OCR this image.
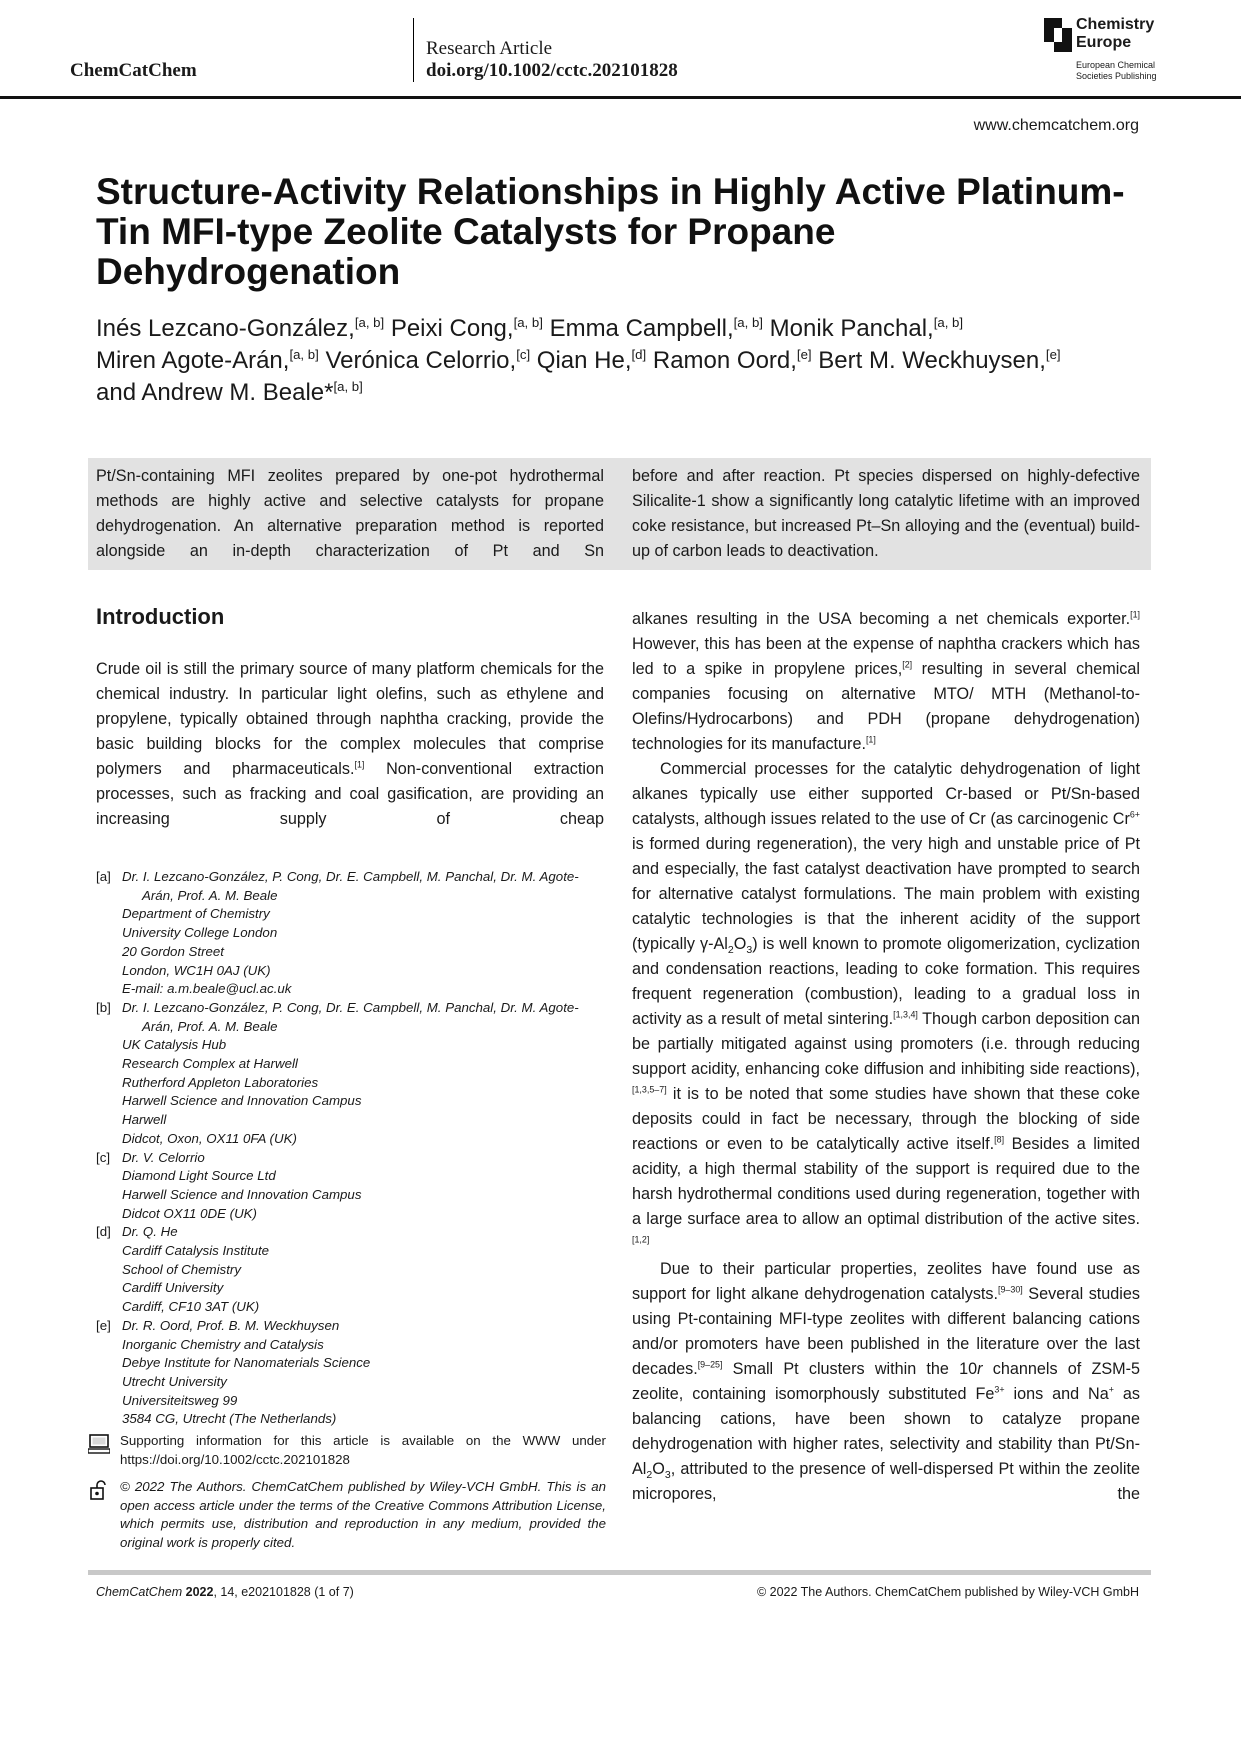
ChemCatChem
Research Article
doi.org/10.1002/cctc.202101828
Chemistry
Europe
European Chemical
Societies Publishing
www.chemcatchem.org
Structure-Activity Relationships in Highly Active Platinum-
Tin MFI-type Zeolite Catalysts for Propane
Dehydrogenation
Inés Lezcano-González,[a, b] Peixi Cong,[a, b] Emma Campbell,[a, b] Monik Panchal,[a, b]
Miren Agote-Arán,[a, b] Verónica Celorrio,[c] Qian He,[d] Ramon Oord,[e] Bert M. Weckhuysen,[e]
and Andrew M. Beale*[a, b]
Pt/Sn-containing MFI zeolites prepared by one-pot hydrothermal methods are highly active and selective catalysts for propane dehydrogenation. An alternative preparation method is reported alongside an in-depth characterization of Pt and Sn
before and after reaction. Pt species dispersed on highly-defective Silicalite-1 show a significantly long catalytic lifetime with an improved coke resistance, but increased Pt–Sn alloying and the (eventual) build-up of carbon leads to deactivation.
Introduction
Crude oil is still the primary source of many platform chemicals for the chemical industry. In particular light olefins, such as ethylene and propylene, typically obtained through naphtha cracking, provide the basic building blocks for the complex molecules that comprise polymers and pharmaceuticals.[1] Non-conventional extraction processes, such as fracking and coal gasification, are providing an increasing supply of cheap
alkanes resulting in the USA becoming a net chemicals exporter.[1] However, this has been at the expense of naphtha crackers which has led to a spike in propylene prices,[2] resulting in several chemical companies focusing on alternative MTO/ MTH (Methanol-to-Olefins/Hydrocarbons) and PDH (propane dehydrogenation) technologies for its manufacture.[1]
Commercial processes for the catalytic dehydrogenation of light alkanes typically use either supported Cr-based or Pt/Sn-based catalysts, although issues related to the use of Cr (as carcinogenic $Cr^{6+}$ is formed during regeneration), the very high and unstable price of Pt and especially, the fast catalyst deactivation have prompted to search for alternative catalyst formulations. The main problem with existing catalytic technologies is that the inherent acidity of the support (typically $\gamma-Al_2O_3$) is well known to promote oligomerization, cyclization and condensation reactions, leading to coke formation. This requires frequent regeneration (combustion), leading to a gradual loss in activity as a result of metal sintering.[1,3,4] Though carbon deposition can be partially mitigated against using promoters (i.e. through reducing support acidity, enhancing coke diffusion and inhibiting side reactions),[1,3,5–7] it is to be noted that some studies have shown that these coke deposits could in fact be necessary, through the blocking of side reactions or even to be catalytically active itself.[8] Besides a limited acidity, a high thermal stability of the support is required due to the harsh hydrothermal conditions used during regeneration, together with a large surface area to allow an optimal distribution of the active sites.[1,2]
Due to their particular properties, zeolites have found use as support for light alkane dehydrogenation catalysts.[9–30] Several studies using Pt-containing MFI-type zeolites with different balancing cations and/or promoters have been published in the literature over the last decades.[9–25] Small Pt clusters within the 10r channels of ZSM-5 zeolite, containing isomorphously substituted $Fe^{3+}$ ions and Na+ as balancing cations, have been shown to catalyze propane dehydrogenation with higher rates, selectivity and stability than $Pt/Sn-Al_2O_3$, attributed to the presence of well-dispersed Pt within the zeolite micropores, the
[a] Dr. I. Lezcano-González, P. Cong, Dr. E. Campbell, M. Panchal, Dr. M. Agote-
Arán, Prof. A. M. Beale
Department of Chemistry
University College London
20 Gordon Street
London, WC1H 0AJ (UK)
E-mail: a.m.beale@ucl.ac.uk
[b] Dr. I. Lezcano-González, P. Cong, Dr. E. Campbell, M. Panchal, Dr. M. Agote-
Arán, Prof. A. M. Beale
UK Catalysis Hub
Research Complex at Harwell
Rutherford Appleton Laboratories
Harwell Science and Innovation Campus
Harwell
Didcot, Oxon, OX11 0FA (UK)
[c] Dr. V. Celorrio
Diamond Light Source Ltd
Harwell Science and Innovation Campus
Didcot OX11 0DE (UK)
[d] Dr. Q. He
Cardiff Catalysis Institute
School of Chemistry
Cardiff University
Cardiff, CF10 3AT (UK)
[e] Dr. R. Oord, Prof. B. M. Weckhuysen
Inorganic Chemistry and Catalysis
Debye Institute for Nanomaterials Science
Utrecht University
Universiteitsweg 99
3584 CG, Utrecht (The Netherlands)
Supporting information for this article is available on the WWW under https://doi.org/10.1002/cctc.202101828
© 2022 The Authors. ChemCatChem published by Wiley-VCH GmbH. This is an open access article under the terms of the Creative Commons Attribution License, which permits use, distribution and reproduction in any medium, provided the original work is properly cited.
ChemCatChem 2022, 14, e202101828 (1 of 7)	© 2022 The Authors. ChemCatChem published by Wiley-VCH GmbH
